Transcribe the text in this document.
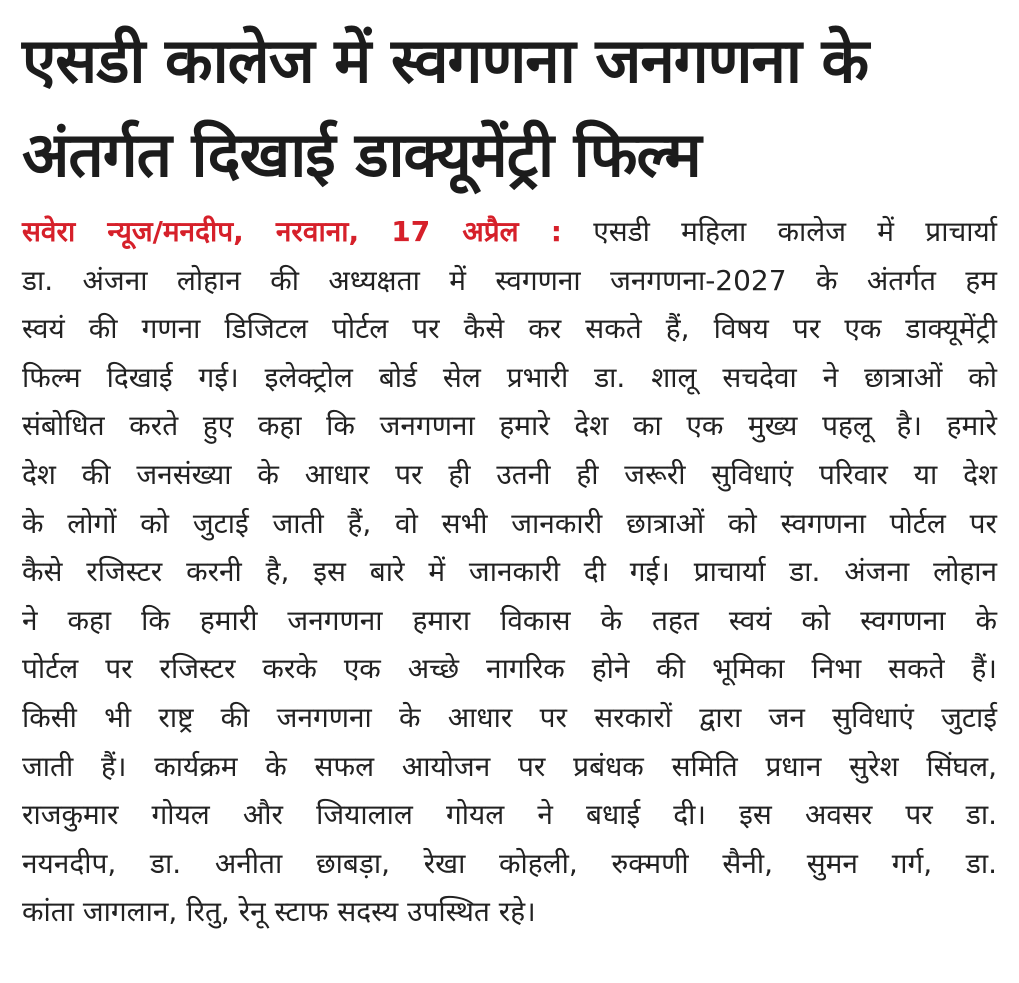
एसडी कालेज में स्वगणना जनगणना के
अंतर्गत दिखाई डाक्यूमेंट्री फिल्म
सवेरा न्यूज/मनदीप, नरवाना, 17 अप्रैल : एसडी महिला कालेज में प्राचार्या
डा. अंजना लोहान की अध्यक्षता में स्वगणना जनगणना-2027 के अंतर्गत हम
स्वयं की गणना डिजिटल पोर्टल पर कैसे कर सकते हैं, विषय पर एक डाक्यूमेंट्री
फिल्म दिखाई गई। इलेक्ट्रोल बोर्ड सेल प्रभारी डा. शालू सचदेवा ने छात्राओं को
संबोधित करते हुए कहा कि जनगणना हमारे देश का एक मुख्य पहलू है। हमारे
देश की जनसंख्या के आधार पर ही उतनी ही जरूरी सुविधाएं परिवार या देश
के लोगों को जुटाई जाती हैं, वो सभी जानकारी छात्राओं को स्वगणना पोर्टल पर
कैसे रजिस्टर करनी है, इस बारे में जानकारी दी गई। प्राचार्या डा. अंजना लोहान
ने कहा कि हमारी जनगणना हमारा विकास के तहत स्वयं को स्वगणना के
पोर्टल पर रजिस्टर करके एक अच्छे नागरिक होने की भूमिका निभा सकते हैं।
किसी भी राष्ट्र की जनगणना के आधार पर सरकारों द्वारा जन सुविधाएं जुटाई
जाती हैं। कार्यक्रम के सफल आयोजन पर प्रबंधक समिति प्रधान सुरेश सिंघल,
राजकुमार गोयल और जियालाल गोयल ने बधाई दी। इस अवसर पर डा.
नयनदीप, डा. अनीता छाबड़ा, रेखा कोहली, रुक्मणी सैनी, सुमन गर्ग, डा.
कांता जागलान, रितु, रेनू स्टाफ सदस्य उपस्थित रहे।
